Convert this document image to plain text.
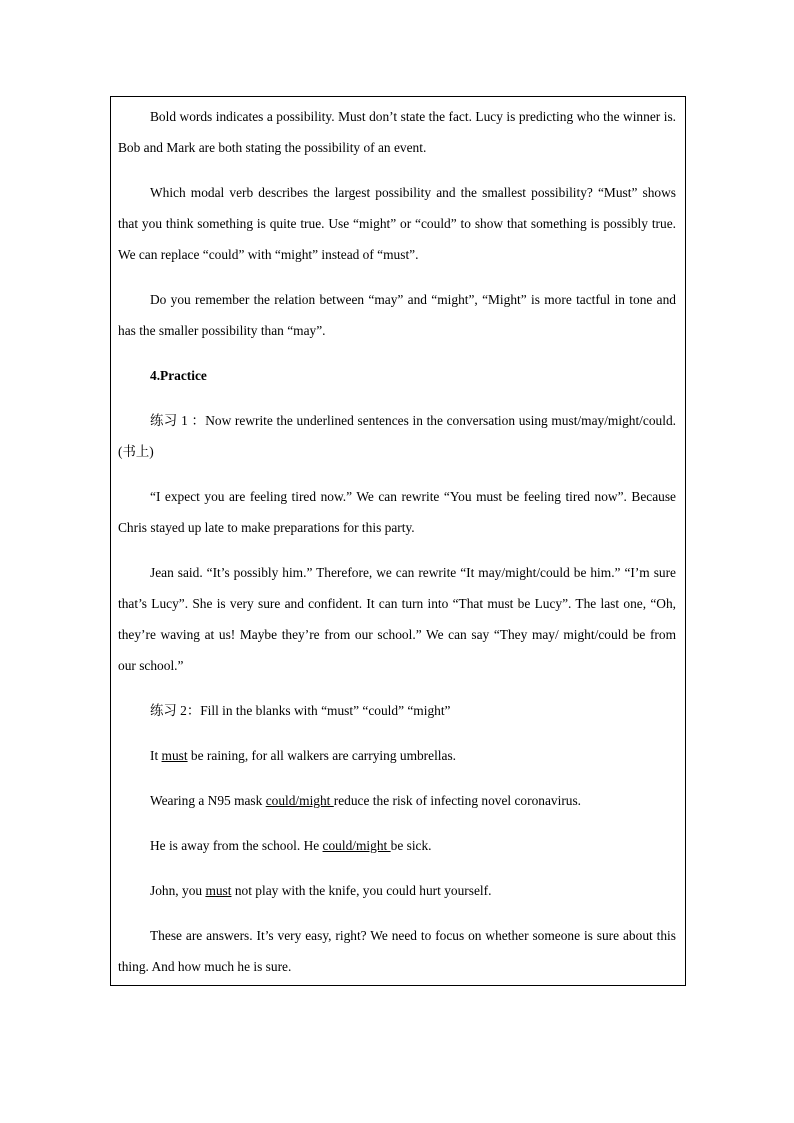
Bold words indicates a possibility. Must don’t state the fact. Lucy is predicting who the winner is. Bob and Mark are both stating the possibility of an event.

Which modal verb describes the largest possibility and the smallest possibility? “Must” shows that you think something is quite true. Use “might” or “could” to show that something is possibly true. We can replace “could” with “might” instead of “must”.

Do you remember the relation between “may” and “might”, “Might” is more tactful in tone and has the smaller possibility than “may”.

4.Practice

练习 1 ：Now rewrite the underlined sentences in the conversation using must/may/might/could. (书上)

“I expect you are feeling tired now.” We can rewrite “You must be feeling tired now”. Because Chris stayed up late to make preparations for this party.

Jean said. “It’s possibly him.” Therefore, we can rewrite “It may/might/could be him.” “I’m sure that’s Lucy”. She is very sure and confident. It can turn into “That must be Lucy”. The last one, “Oh, they’re waving at us! Maybe they’re from our school.” We can say “They may/ might/could be from our school.”

练习 2：Fill in the blanks with “must” “could” “might”

It must be raining, for all walkers are carrying umbrellas.

Wearing a N95 mask could/might reduce the risk of infecting novel coronavirus.

He is away from the school. He could/might be sick.

John, you must not play with the knife, you could hurt yourself.

These are answers. It’s very easy, right? We need to focus on whether someone is sure about this thing. And how much he is sure.
